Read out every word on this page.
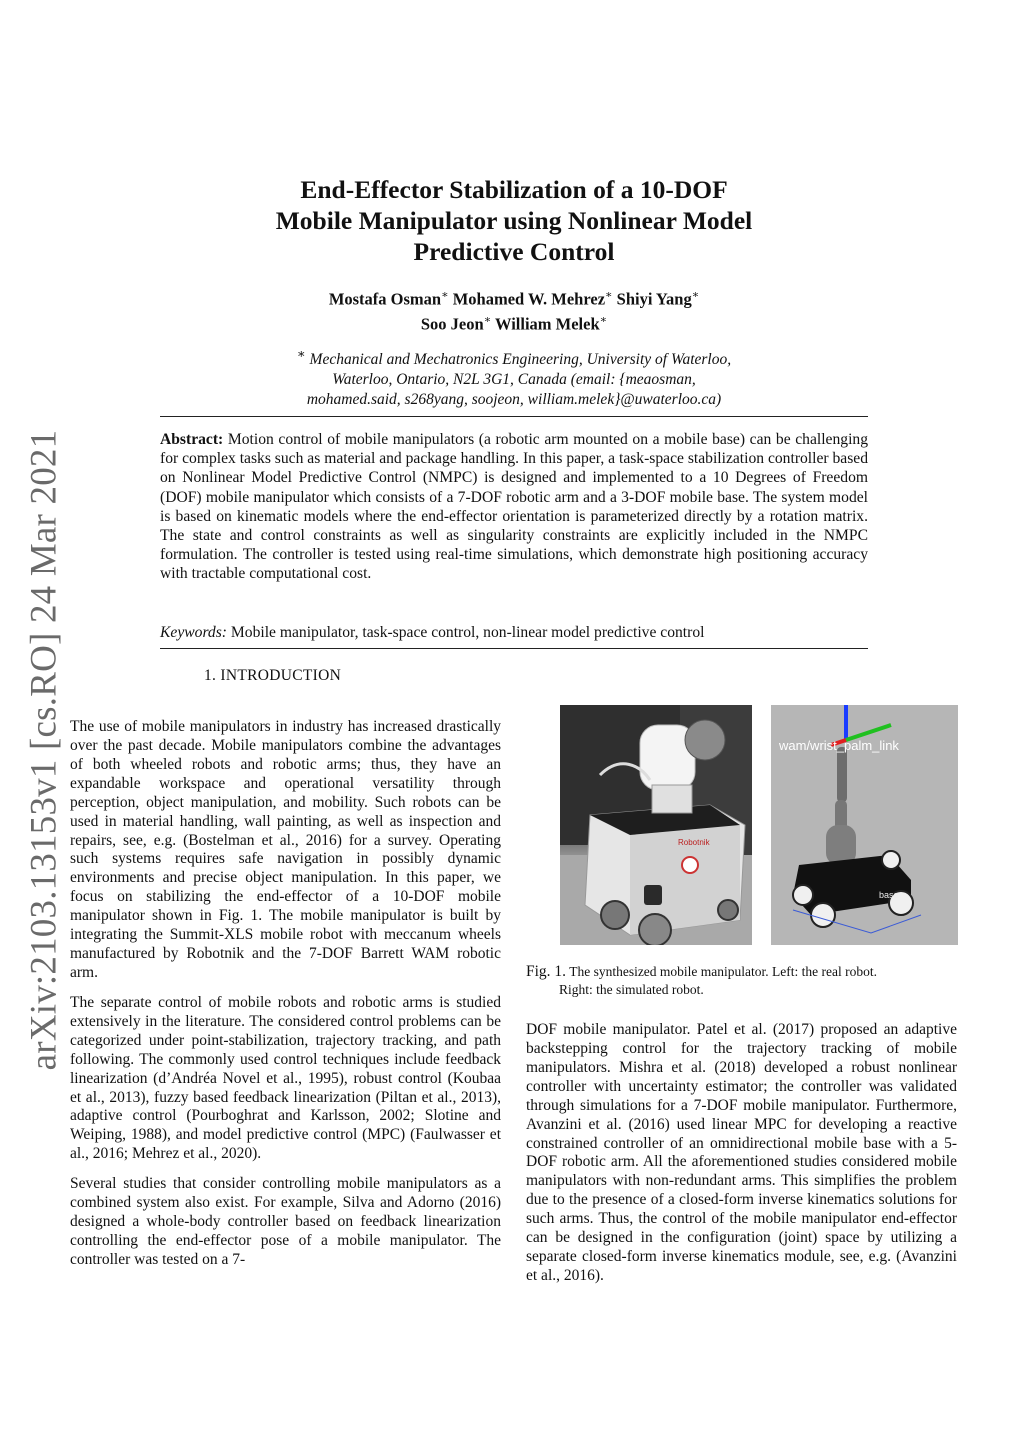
arXiv:2103.13153v1 [cs.RO] 24 Mar 2021
End-Effector Stabilization of a 10-DOF
Mobile Manipulator using Nonlinear Model
Predictive Control
Mostafa Osman∗ Mohamed W. Mehrez∗ Shiyi Yang∗
Soo Jeon∗ William Melek∗
∗ Mechanical and Mechatronics Engineering, University of Waterloo,
Waterloo, Ontario, N2L 3G1, Canada (email: {meaosman,
mohamed.said, s268yang, soojeon, william.melek}@uwaterloo.ca)
Abstract: Motion control of mobile manipulators (a robotic arm mounted on a mobile base) can be challenging for complex tasks such as material and package handling. In this paper, a task-space stabilization controller based on Nonlinear Model Predictive Control (NMPC) is designed and implemented to a 10 Degrees of Freedom (DOF) mobile manipulator which consists of a 7-DOF robotic arm and a 3-DOF mobile base. The system model is based on kinematic models where the end-effector orientation is parameterized directly by a rotation matrix. The state and control constraints as well as singularity constraints are explicitly included in the NMPC formulation. The controller is tested using real-time simulations, which demonstrate high positioning accuracy with tractable computational cost.
Keywords: Mobile manipulator, task-space control, non-linear model predictive control
1. INTRODUCTION

The use of mobile manipulators in industry has increased drastically over the past decade. Mobile manipulators combine the advantages of both wheeled robots and robotic arms; thus, they have an expandable workspace and operational versatility through perception, object manipulation, and mobility. Such robots can be used in material handling, wall painting, as well as inspection and repairs, see, e.g. (Bostelman et al., 2016) for a survey. Operating such systems requires safe navigation in possibly dynamic environments and precise object manipulation. In this paper, we focus on stabilizing the end-effector of a 10-DOF mobile manipulator shown in Fig. 1. The mobile manipulator is built by integrating the Summit-XLS mobile robot with meccanum wheels manufactured by Robotnik and the 7-DOF Barrett WAM robotic arm.

The separate control of mobile robots and robotic arms is studied extensively in the literature. The considered control problems can be categorized under point-stabilization, trajectory tracking, and path following. The commonly used control techniques include feedback linearization (d’Andréa Novel et al., 1995), robust control (Koubaa et al., 2013), fuzzy based feedback linearization (Piltan et al., 2013), adaptive control (Pourboghrat and Karlsson, 2002; Slotine and Weiping, 1988), and model predictive control (MPC) (Faulwasser et al., 2016; Mehrez et al., 2020).

Several studies that consider controlling mobile manipulators as a combined system also exist. For example, Silva and Adorno (2016) designed a whole-body controller based on feedback linearization controlling the end-effector pose of a mobile manipulator. The controller was tested on a 7-

Robotnik
base
wam/wrist_palm_link
Fig. 1. The synthesized mobile manipulator. Left: the real robot.
Right: the simulated robot.

DOF mobile manipulator. Patel et al. (2017) proposed an adaptive backstepping control for the trajectory tracking of mobile manipulators. Mishra et al. (2018) developed a robust nonlinear controller with uncertainty estimator; the controller was validated through simulations for a 7-DOF mobile manipulator. Furthermore, Avanzini et al. (2016) used linear MPC for developing a reactive constrained controller of an omnidirectional mobile base with a 5-DOF robotic arm. All the aforementioned studies considered mobile manipulators with non-redundant arms. This simplifies the problem due to the presence of a closed-form inverse kinematics solutions for such arms. Thus, the control of the mobile manipulator end-effector can be designed in the configuration (joint) space by utilizing a separate closed-form inverse kinematics module, see, e.g. (Avanzini et al., 2016).
